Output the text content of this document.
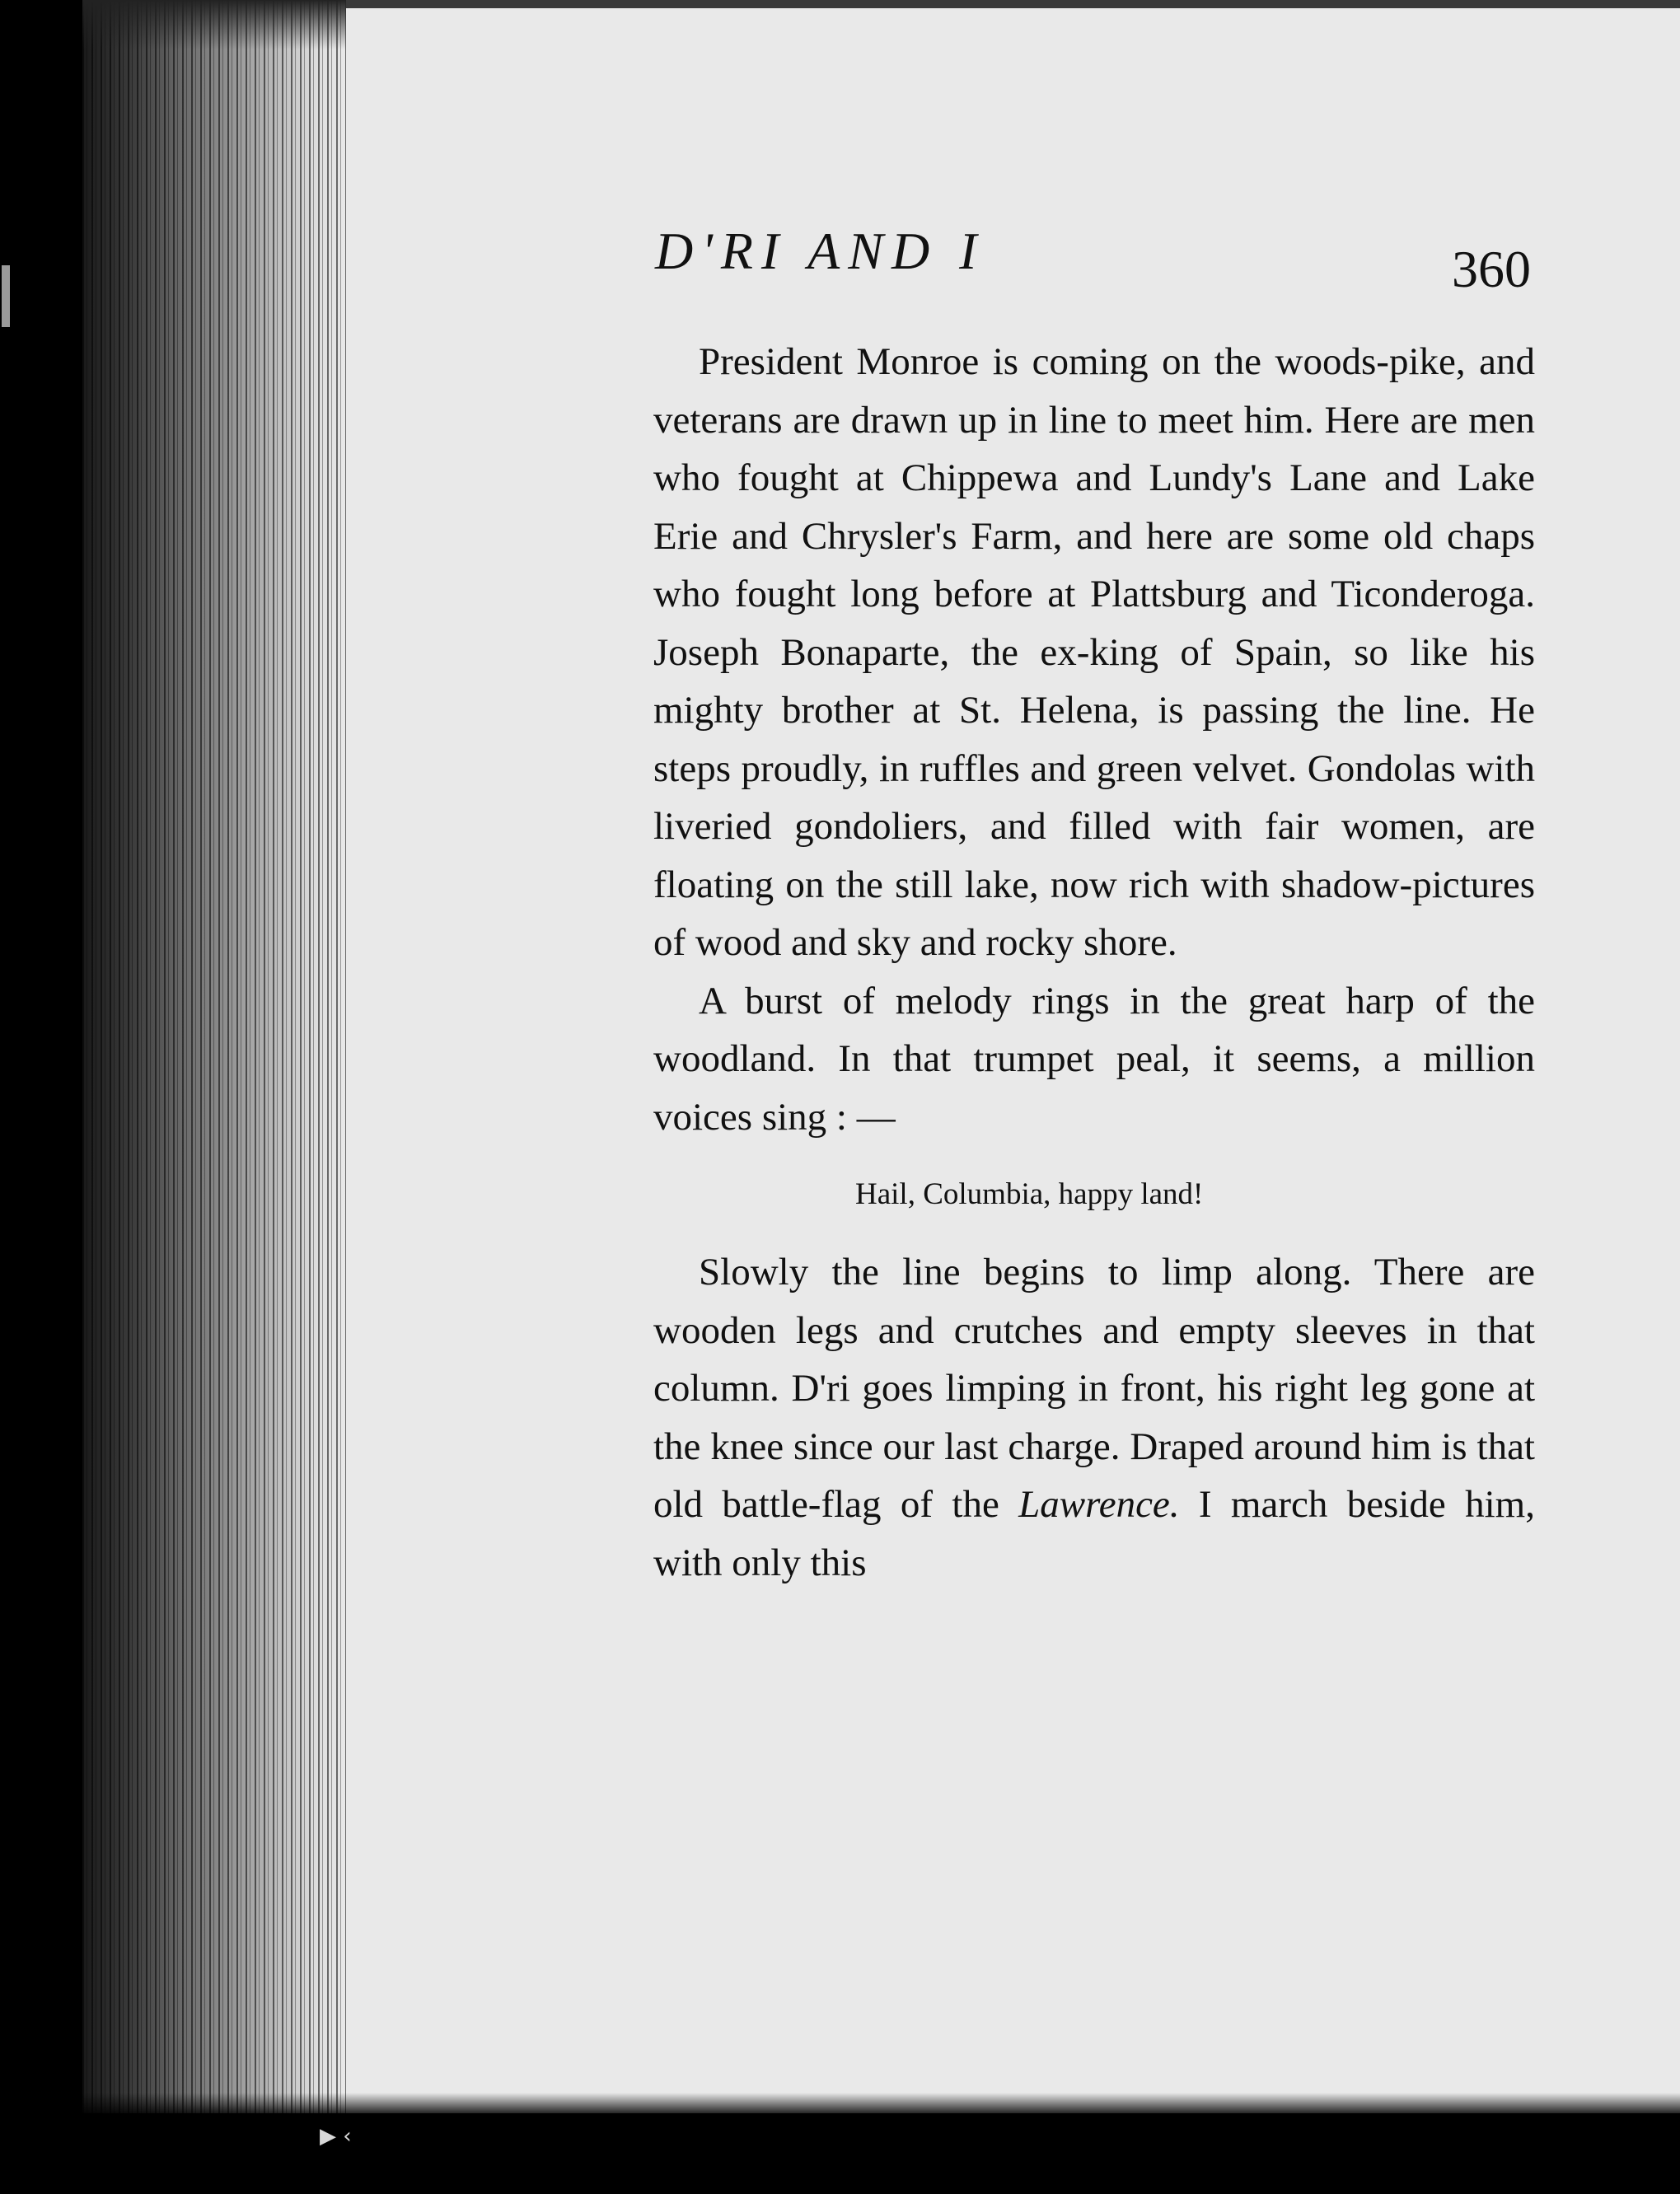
▶ ‹
D'RI AND I	360

President Monroe is coming on the woods-pike, and veterans are drawn up in line to meet him. Here are men who fought at Chippewa and Lundy's Lane and Lake Erie and Chrysler's Farm, and here are some old chaps who fought long before at Plattsburg and Ticonderoga. Joseph Bonaparte, the ex-king of Spain, so like his mighty brother at St. Helena, is passing the line. He steps proudly, in ruffles and green velvet. Gondolas with liveried gondoliers, and filled with fair women, are floating on the still lake, now rich with shadow-pictures of wood and sky and rocky shore.

A burst of melody rings in the great harp of the woodland. In that trumpet peal, it seems, a million voices sing : —

Hail, Columbia, happy land!

Slowly the line begins to limp along. There are wooden legs and crutches and empty sleeves in that column. D'ri goes limping in front, his right leg gone at the knee since our last charge. Draped around him is that old battle-flag of the Lawrence. I march beside him, with only this
